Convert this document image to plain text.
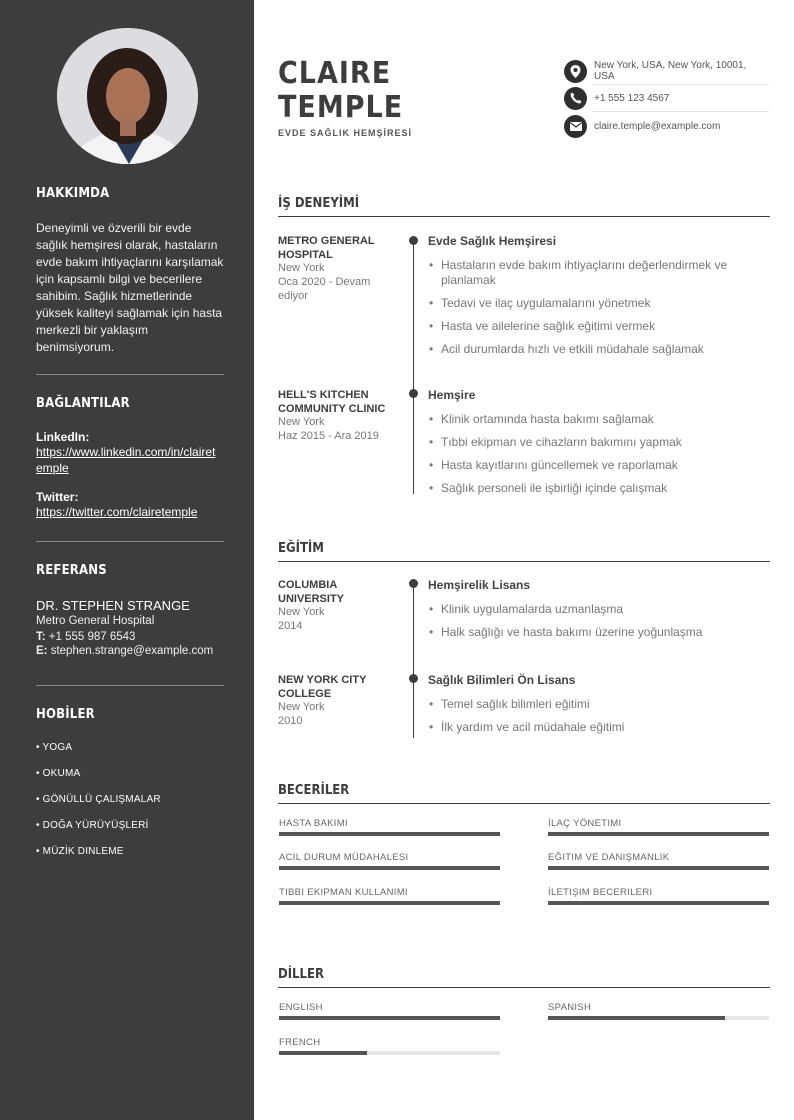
HAKKIMDA
Deneyimli ve özverili bir evde sağlık hemşiresi olarak, hastaların evde bakım ihtiyaçlarını karşılamak için kapsamlı bilgi ve becerilere sahibim. Sağlık hizmetlerinde yüksek kaliteyi sağlamak için hasta merkezli bir yaklaşım benimsiyorum.
BAĞLANTILAR
LinkedIn:
https://www.linkedin.com/in/clairetemple
Twitter:
https://twitter.com/clairetemple
REFERANS
DR. STEPHEN STRANGE
Metro General Hospital
T: +1 555 987 6543
E: stephen.strange@example.com
HOBİLER
• YOGA
• OKUMA
• GÖNÜLLÜ ÇALIŞMALAR
• DOĞA YÜRÜYÜŞLERİ
• MÜZİK DINLEME
CLAIRE
TEMPLE
EVDE SAĞLIK HEMŞİRESİ
New York, USA, New York, 10001, USA
+1 555 123 4567
claire.temple@example.com
İŞ DENEYİMİ
METRO GENERAL HOSPITAL
New York
Oca 2020 - Devam ediyor
Evde Sağlık Hemşiresi
• Hastaların evde bakım ihtiyaçlarını değerlendirmek ve planlamak
• Tedavi ve ilaç uygulamalarını yönetmek
• Hasta ve ailelerine sağlık eğitimi vermek
• Acil durumlarda hızlı ve etkili müdahale sağlamak
HELL'S KITCHEN COMMUNITY CLINIC
New York
Haz 2015 - Ara 2019
Hemşire
• Klinik ortamında hasta bakımı sağlamak
• Tıbbi ekipman ve cihazların bakımını yapmak
• Hasta kayıtlarını güncellemek ve raporlamak
• Sağlık personeli ile işbirliği içinde çalışmak
EĞİTİM
COLUMBIA UNIVERSITY
New York
2014
Hemşirelik Lisans
• Klinik uygulamalarda uzmanlaşma
• Halk sağlığı ve hasta bakımı üzerine yoğunlaşma
NEW YORK CITY COLLEGE
New York
2010
Sağlık Bilimleri Ön Lisans
• Temel sağlık bilimleri eğitimi
• İlk yardım ve acil müdahale eğitimi
BECERİLER
HASTA BAKIMI	İLAÇ YÖNETIMI
ACIL DURUM MÜDAHALESI	EĞITIM VE DANIŞMANLIK
TIBBI EKIPMAN KULLANIMI	İLETIŞIM BECERILERI
DİLLER
ENGLISH	SPANISH
FRENCH
